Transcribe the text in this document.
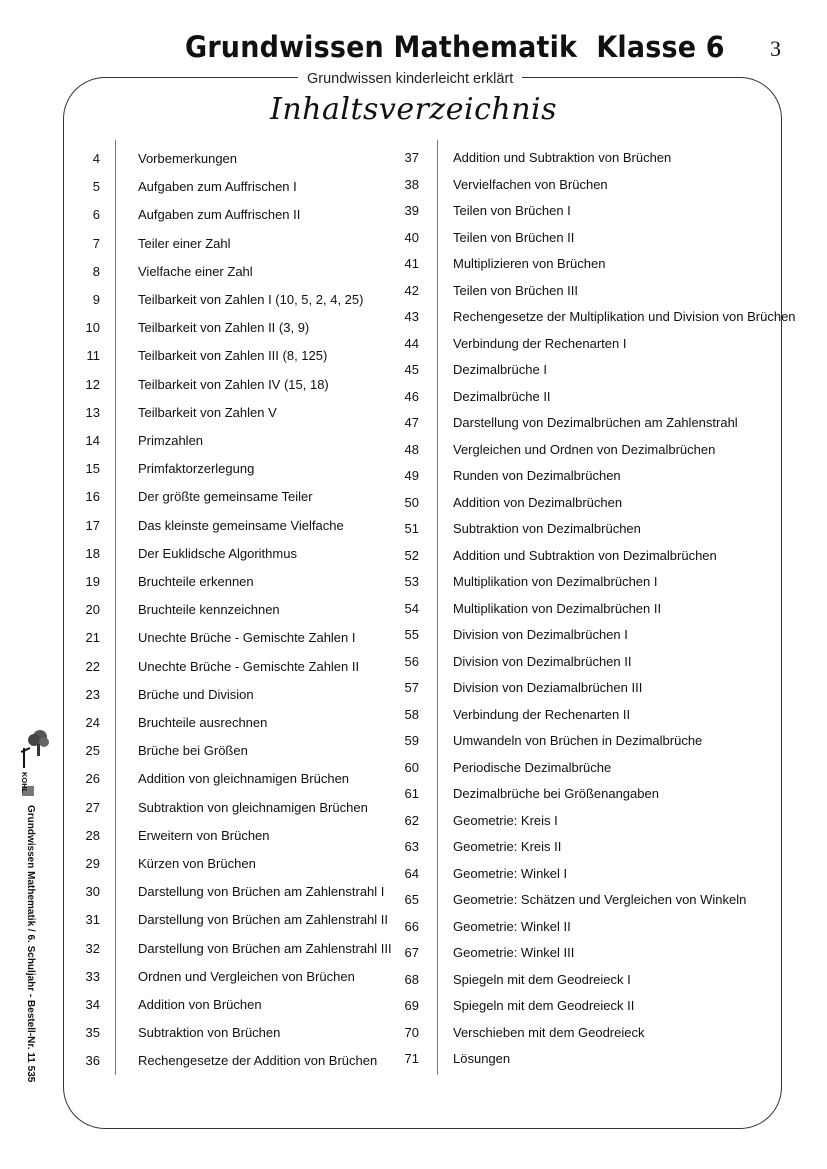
Grundwissen Mathematik  Klasse 6 3
Grundwissen kinderleicht erklärt
Inhaltsverzeichnis
4	Vorbemerkungen
5	Aufgaben zum Auffrischen I
6	Aufgaben zum Auffrischen II
7	Teiler einer Zahl
8	Vielfache einer Zahl
9	Teilbarkeit von Zahlen I (10, 5, 2, 4, 25)
10	Teilbarkeit von Zahlen II (3, 9)
11	Teilbarkeit von Zahlen III (8, 125)
12	Teilbarkeit von Zahlen IV (15, 18)
13	Teilbarkeit von Zahlen V
14	Primzahlen
15	Primfaktorzerlegung
16	Der größte gemeinsame Teiler
17	Das kleinste gemeinsame Vielfache
18	Der Euklidsche Algorithmus
19	Bruchteile erkennen
20	Bruchteile kennzeichnen
21	Unechte Brüche - Gemischte Zahlen I
22	Unechte Brüche - Gemischte Zahlen II
23	Brüche und Division
24	Bruchteile ausrechnen
25	Brüche bei Größen
26	Addition von gleichnamigen Brüchen
27	Subtraktion von gleichnamigen Brüchen
28	Erweitern von Brüchen
29	Kürzen von Brüchen
30	Darstellung von Brüchen am Zahlenstrahl I
31	Darstellung von Brüchen am Zahlenstrahl II
32	Darstellung von Brüchen am Zahlenstrahl III
33	Ordnen und Vergleichen von Brüchen
34	Addition von Brüchen
35	Subtraktion von Brüchen
36	Rechengesetze der Addition von Brüchen
37	Addition und Subtraktion von Brüchen
38	Vervielfachen von Brüchen
39	Teilen von Brüchen I
40	Teilen von Brüchen II
41	Multiplizieren von Brüchen
42	Teilen von Brüchen III
43	Rechengesetze der Multiplikation und Division von Brüchen
44	Verbindung der Rechenarten I
45	Dezimalbrüche I
46	Dezimalbrüche II
47	Darstellung von Dezimalbrüchen am Zahlenstrahl
48	Vergleichen und Ordnen von Dezimalbrüchen
49	Runden von Dezimalbrüchen
50	Addition von Dezimalbrüchen
51	Subtraktion von Dezimalbrüchen
52	Addition und Subtraktion von Dezimalbrüchen
53	Multiplikation von Dezimalbrüchen I
54	Multiplikation von Dezimalbrüchen II
55	Division von Dezimalbrüchen I
56	Division von Dezimalbrüchen II
57	Division von Deziamalbrüchen III
58	Verbindung der Rechenarten II
59	Umwandeln von Brüchen in Dezimalbrüche
60	Periodische Dezimalbrüche
61	Dezimalbrüche bei Größenangaben
62	Geometrie: Kreis I
63	Geometrie: Kreis II
64	Geometrie: Winkel I
65	Geometrie: Schätzen und Vergleichen von Winkeln
66	Geometrie: Winkel II
67	Geometrie: Winkel III
68	Spiegeln mit dem Geodreieck I
69	Spiegeln mit dem Geodreieck II
70	Verschieben mit dem Geodreieck
71	Lösungen
KOHL
Grundwissen Mathematik / 6. Schuljahr - Bestell-Nr. 11 535
